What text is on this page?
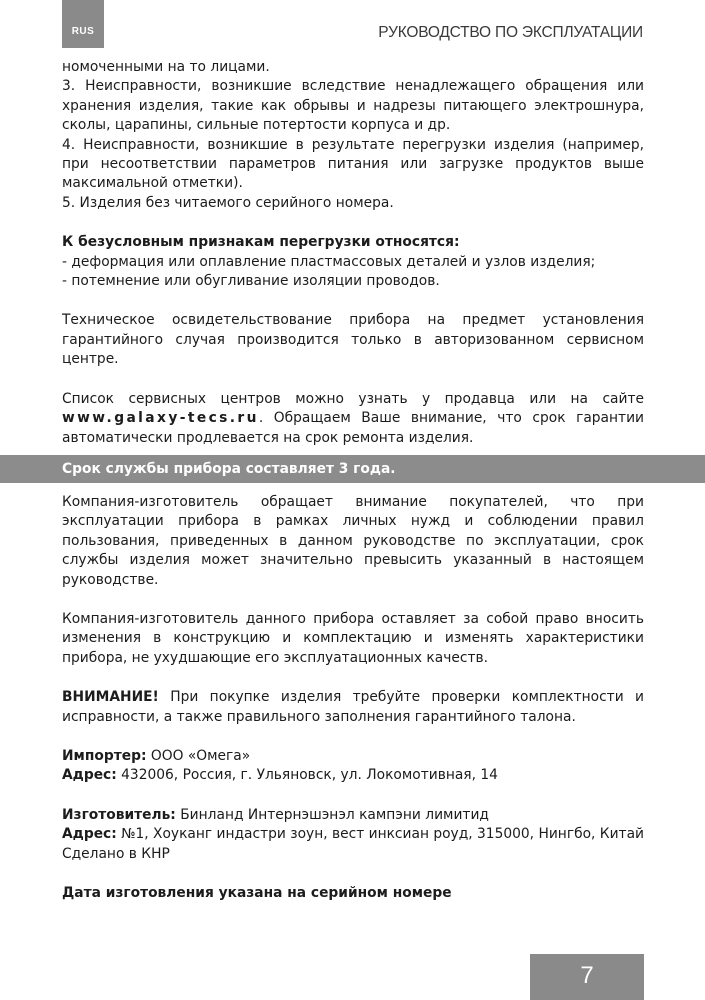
RUS	РУКОВОДСТВО ПО ЭКСПЛУАТАЦИИ

номоченными на то лицами.

3. Неисправности, возникшие вследствие ненадлежащего обращения или хранения изделия, такие как обрывы и надрезы питающего электрошнура, сколы, царапины, сильные потертости корпуса и др.

4. Неисправности, возникшие в результате перегрузки изделия (например, при несоответствии параметров питания или загрузке продуктов выше максимальной отметки).

5. Изделия без читаемого серийного номера.

К безусловным признакам перегрузки относятся:

- деформация или оплавление пластмассовых деталей и узлов изделия;

- потемнение или обугливание изоляции проводов.

Техническое освидетельствование прибора на предмет установления гарантийного случая производится только в авторизованном сервисном центре.

Список сервисных центров можно узнать у продавца или на сайте www.galaxy-tecs.ru. Обращаем Ваше внимание, что срок гарантии автоматически продлевается на срок ремонта изделия.

Срок службы прибора составляет 3 года.

Компания-изготовитель обращает внимание покупателей, что при эксплуатации прибора в рамках личных нужд и соблюдении правил пользования, приведенных в данном руководстве по эксплуатации, срок службы изделия может значительно превысить указанный в настоящем руководстве.

Компания-изготовитель данного прибора оставляет за собой право вносить изменения в конструкцию и комплектацию и изменять характеристики прибора, не ухудшающие его эксплуатационных качеств.

ВНИМАНИЕ! При покупке изделия требуйте проверки комплектности и исправности, а также правильного заполнения гарантийного талона.

Импортер: ООО «Омега»

Адрес: 432006, Россия, г. Ульяновск, ул. Локомотивная, 14

Изготовитель: Бинланд Интернэшэнэл кампэни лимитид

Адрес: №1, Хоуканг индастри зоун, вест инксиан роуд, 315000, Нингбо, Китай

Сделано в КНР

Дата изготовления указана на серийном номере

7
